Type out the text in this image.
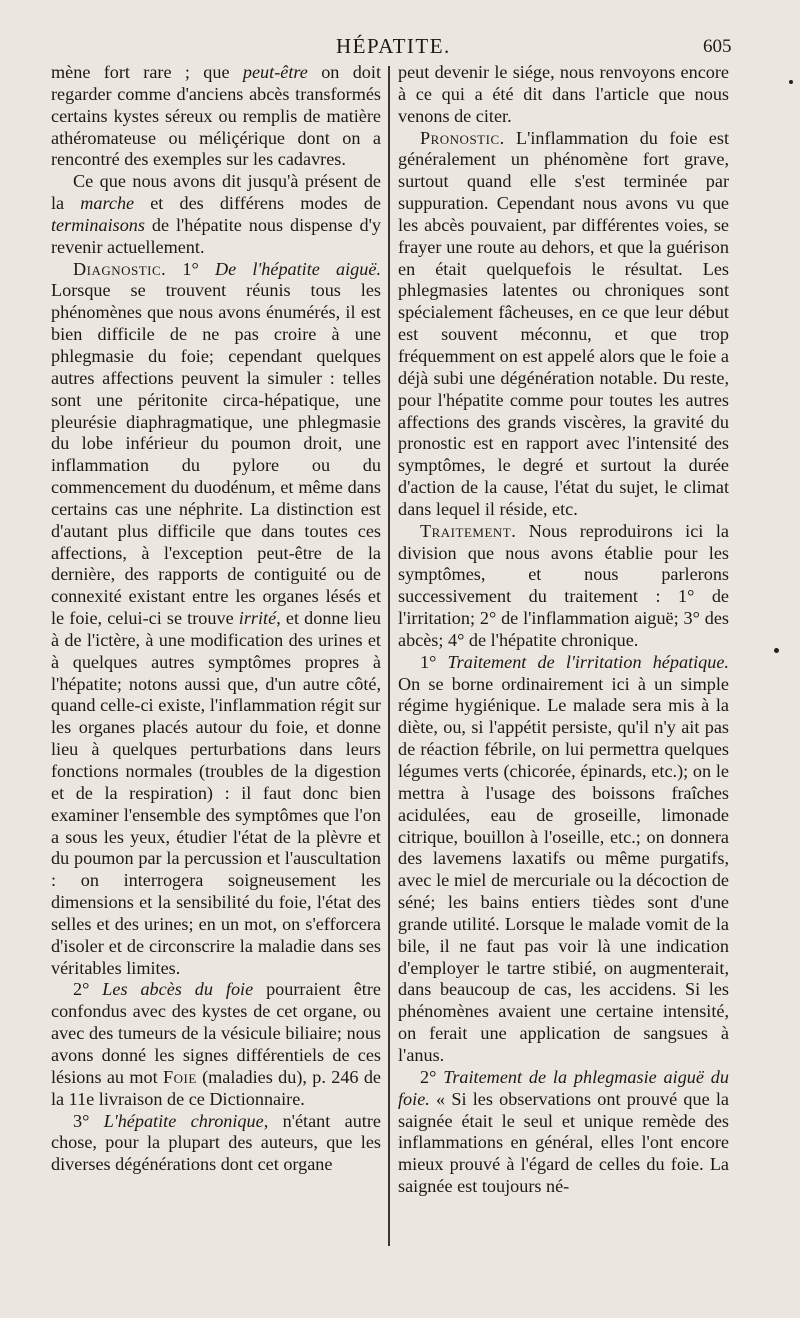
HÉPATITE.	605

mène fort rare ; que peut-être on doit regarder comme d'anciens abcès transformés certains kystes séreux ou remplis de matière athéromateuse ou méliçérique dont on a rencontré des exemples sur les cadavres.

Ce que nous avons dit jusqu'à présent de la marche et des différens modes de terminaisons de l'hépatite nous dispense d'y revenir actuellement.

Diagnostic. 1° De l'hépatite aiguë. Lorsque se trouvent réunis tous les phénomènes que nous avons énumérés, il est bien difficile de ne pas croire à une phlegmasie du foie; cependant quelques autres affections peuvent la simuler : telles sont une péritonite circa-hépatique, une pleurésie diaphragmatique, une phlegmasie du lobe inférieur du poumon droit, une inflammation du pylore ou du commencement du duodénum, et même dans certains cas une néphrite. La distinction est d'autant plus difficile que dans toutes ces affections, à l'exception peut-être de la dernière, des rapports de contiguité ou de connexité existant entre les organes lésés et le foie, celui-ci se trouve irrité, et donne lieu à de l'ictère, à une modification des urines et à quelques autres symptômes propres à l'hépatite; notons aussi que, d'un autre côté, quand celle-ci existe, l'inflammation régit sur les organes placés autour du foie, et donne lieu à quelques perturbations dans leurs fonctions normales (troubles de la digestion et de la respiration) : il faut donc bien examiner l'ensemble des symptômes que l'on a sous les yeux, étudier l'état de la plèvre et du poumon par la percussion et l'auscultation : on interrogera soigneusement les dimensions et la sensibilité du foie, l'état des selles et des urines; en un mot, on s'efforcera d'isoler et de circonscrire la maladie dans ses véritables limites.

2° Les abcès du foie pourraient être confondus avec des kystes de cet organe, ou avec des tumeurs de la vésicule biliaire; nous avons donné les signes différentiels de ces lésions au mot Foie (maladies du), p. 246 de la 11e livraison de ce Dictionnaire.

3° L'hépatite chronique, n'étant autre chose, pour la plupart des auteurs, que les diverses dégénérations dont cet organe

peut devenir le siége, nous renvoyons encore à ce qui a été dit dans l'article que nous venons de citer.

Pronostic. L'inflammation du foie est généralement un phénomène fort grave, surtout quand elle s'est terminée par suppuration. Cependant nous avons vu que les abcès pouvaient, par différentes voies, se frayer une route au dehors, et que la guérison en était quelquefois le résultat. Les phlegmasies latentes ou chroniques sont spécialement fâcheuses, en ce que leur début est souvent méconnu, et que trop fréquemment on est appelé alors que le foie a déjà subi une dégénération notable. Du reste, pour l'hépatite comme pour toutes les autres affections des grands viscères, la gravité du pronostic est en rapport avec l'intensité des symptômes, le degré et surtout la durée d'action de la cause, l'état du sujet, le climat dans lequel il réside, etc.

Traitement. Nous reproduirons ici la division que nous avons établie pour les symptômes, et nous parlerons successivement du traitement : 1° de l'irritation; 2° de l'inflammation aiguë; 3° des abcès; 4° de l'hépatite chronique.

1° Traitement de l'irritation hépatique. On se borne ordinairement ici à un simple régime hygiénique. Le malade sera mis à la diète, ou, si l'appétit persiste, qu'il n'y ait pas de réaction fébrile, on lui permettra quelques légumes verts (chicorée, épinards, etc.); on le mettra à l'usage des boissons fraîches acidulées, eau de groseille, limonade citrique, bouillon à l'oseille, etc.; on donnera des lavemens laxatifs ou même purgatifs, avec le miel de mercuriale ou la décoction de séné; les bains entiers tièdes sont d'une grande utilité. Lorsque le malade vomit de la bile, il ne faut pas voir là une indication d'employer le tartre stibié, on augmenterait, dans beaucoup de cas, les accidens. Si les phénomènes avaient une certaine intensité, on ferait une application de sangsues à l'anus.

2° Traitement de la phlegmasie aiguë du foie. « Si les observations ont prouvé que la saignée était le seul et unique remède des inflammations en général, elles l'ont encore mieux prouvé à l'égard de celles du foie. La saignée est toujours né-
